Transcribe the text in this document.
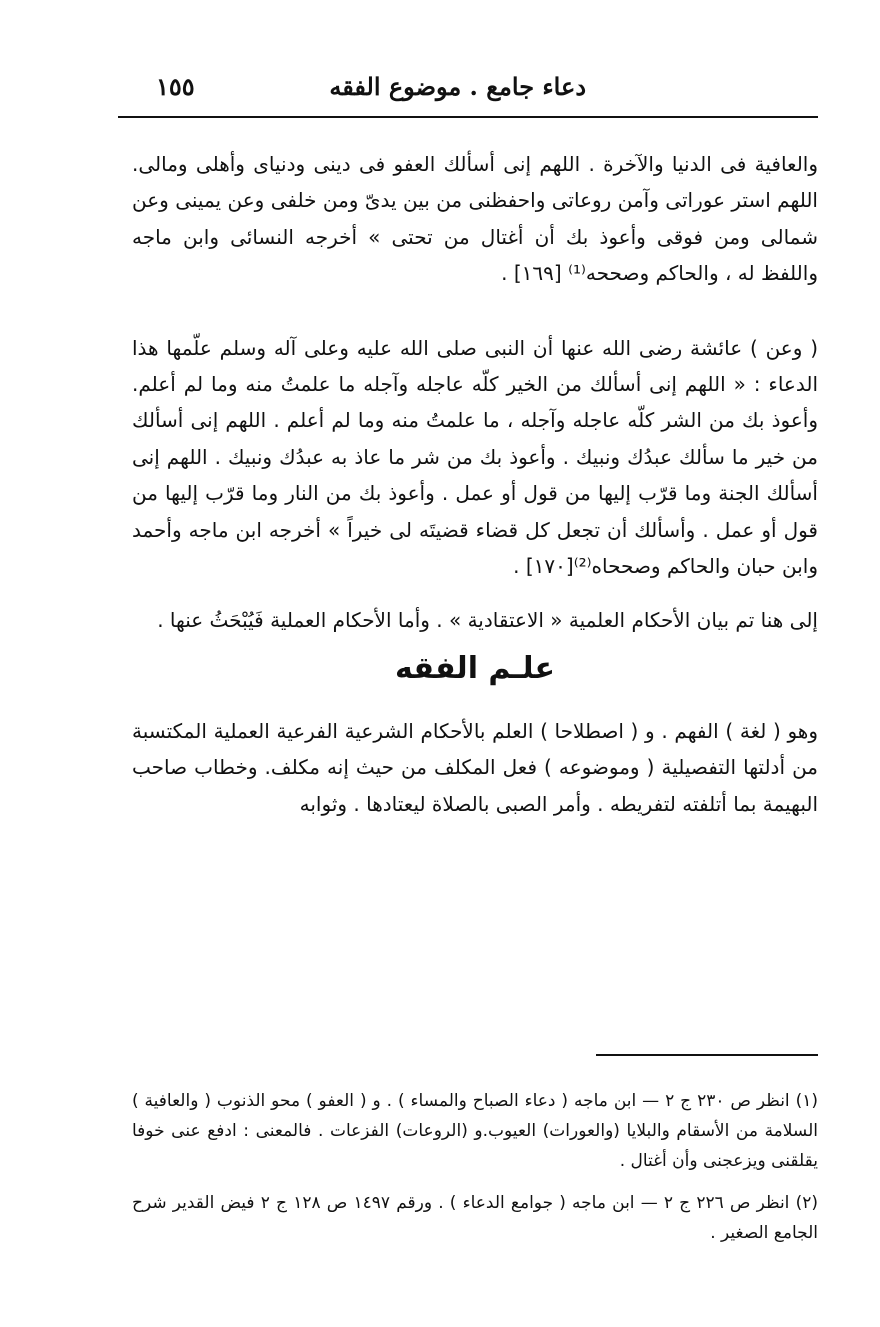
دعاء جامع . موضوع الفقه
١٥٥

والعافية فى الدنيا والآخرة . اللهم إنى أسألك العفو فى دينى ودنياى وأهلى ومالى. اللهم استر عوراتى وآمن روعاتى واحفظنى من بين يدىّ ومن خلفى وعن يمينى وعن شمالى ومن فوقى وأعوذ بك أن أغتال من تحتى » أخرجه النسائى وابن ماجه واللفظ له ، والحاكم وصححه⁽¹⁾ [١٦٩] .

( وعن ) عائشة رضى الله عنها أن النبى صلى الله عليه وعلى آله وسلم علّمها هذا الدعاء : « اللهم إنى أسألك من الخير كلّه عاجله وآجله ما علمتُ منه وما لم أعلم. وأعوذ بك من الشر كلّه عاجله وآجله ، ما علمتُ منه وما لم أعلم . اللهم إنى أسألك من خير ما سألك عبدُك ونبيك . وأعوذ بك من شر ما عاذ به عبدُك ونبيك . اللهم إنى أسألك الجنة وما قرّب إليها من قول أو عمل . وأعوذ بك من النار وما قرّب إليها من قول أو عمل . وأسألك أن تجعل كل قضاء قضيتَه لى خيراً » أخرجه ابن ماجه وأحمد وابن حبان والحاكم وصححاه⁽²⁾[١٧٠] .

إلى هنا تم بيان الأحكام العلمية « الاعتقادية » . وأما الأحكام العملية فَيُبْحَثُ عنها .

علـم الفقه

وهو ( لغة ) الفهم . و ( اصطلاحا ) العلم بالأحكام الشرعية الفرعية العملية المكتسبة من أدلتها التفصيلية ( وموضوعه ) فعل المكلف من حيث إنه مكلف. وخطاب صاحب البهيمة بما أتلفته لتفريطه . وأمر الصبى بالصلاة ليعتادها . وثوابه

(١) انظر ص ٢٣٠ ج ٢ — ابن ماجه ( دعاء الصباح والمساء ) . و ( العفو ) محو الذنوب ( والعافية ) السلامة من الأسقام والبلايا (والعورات) العيوب.و (الروعات) الفزعات . فالمعنى : ادفع عنى خوفا يقلقنى ويزعجنى وأن أغتال .

(٢) انظر ص ٢٢٦ ج ٢ — ابن ماجه ( جوامع الدعاء ) . ورقم ١٤٩٧ ص ١٢٨ ج ٢ فيض القدير شرح الجامع الصغير .
